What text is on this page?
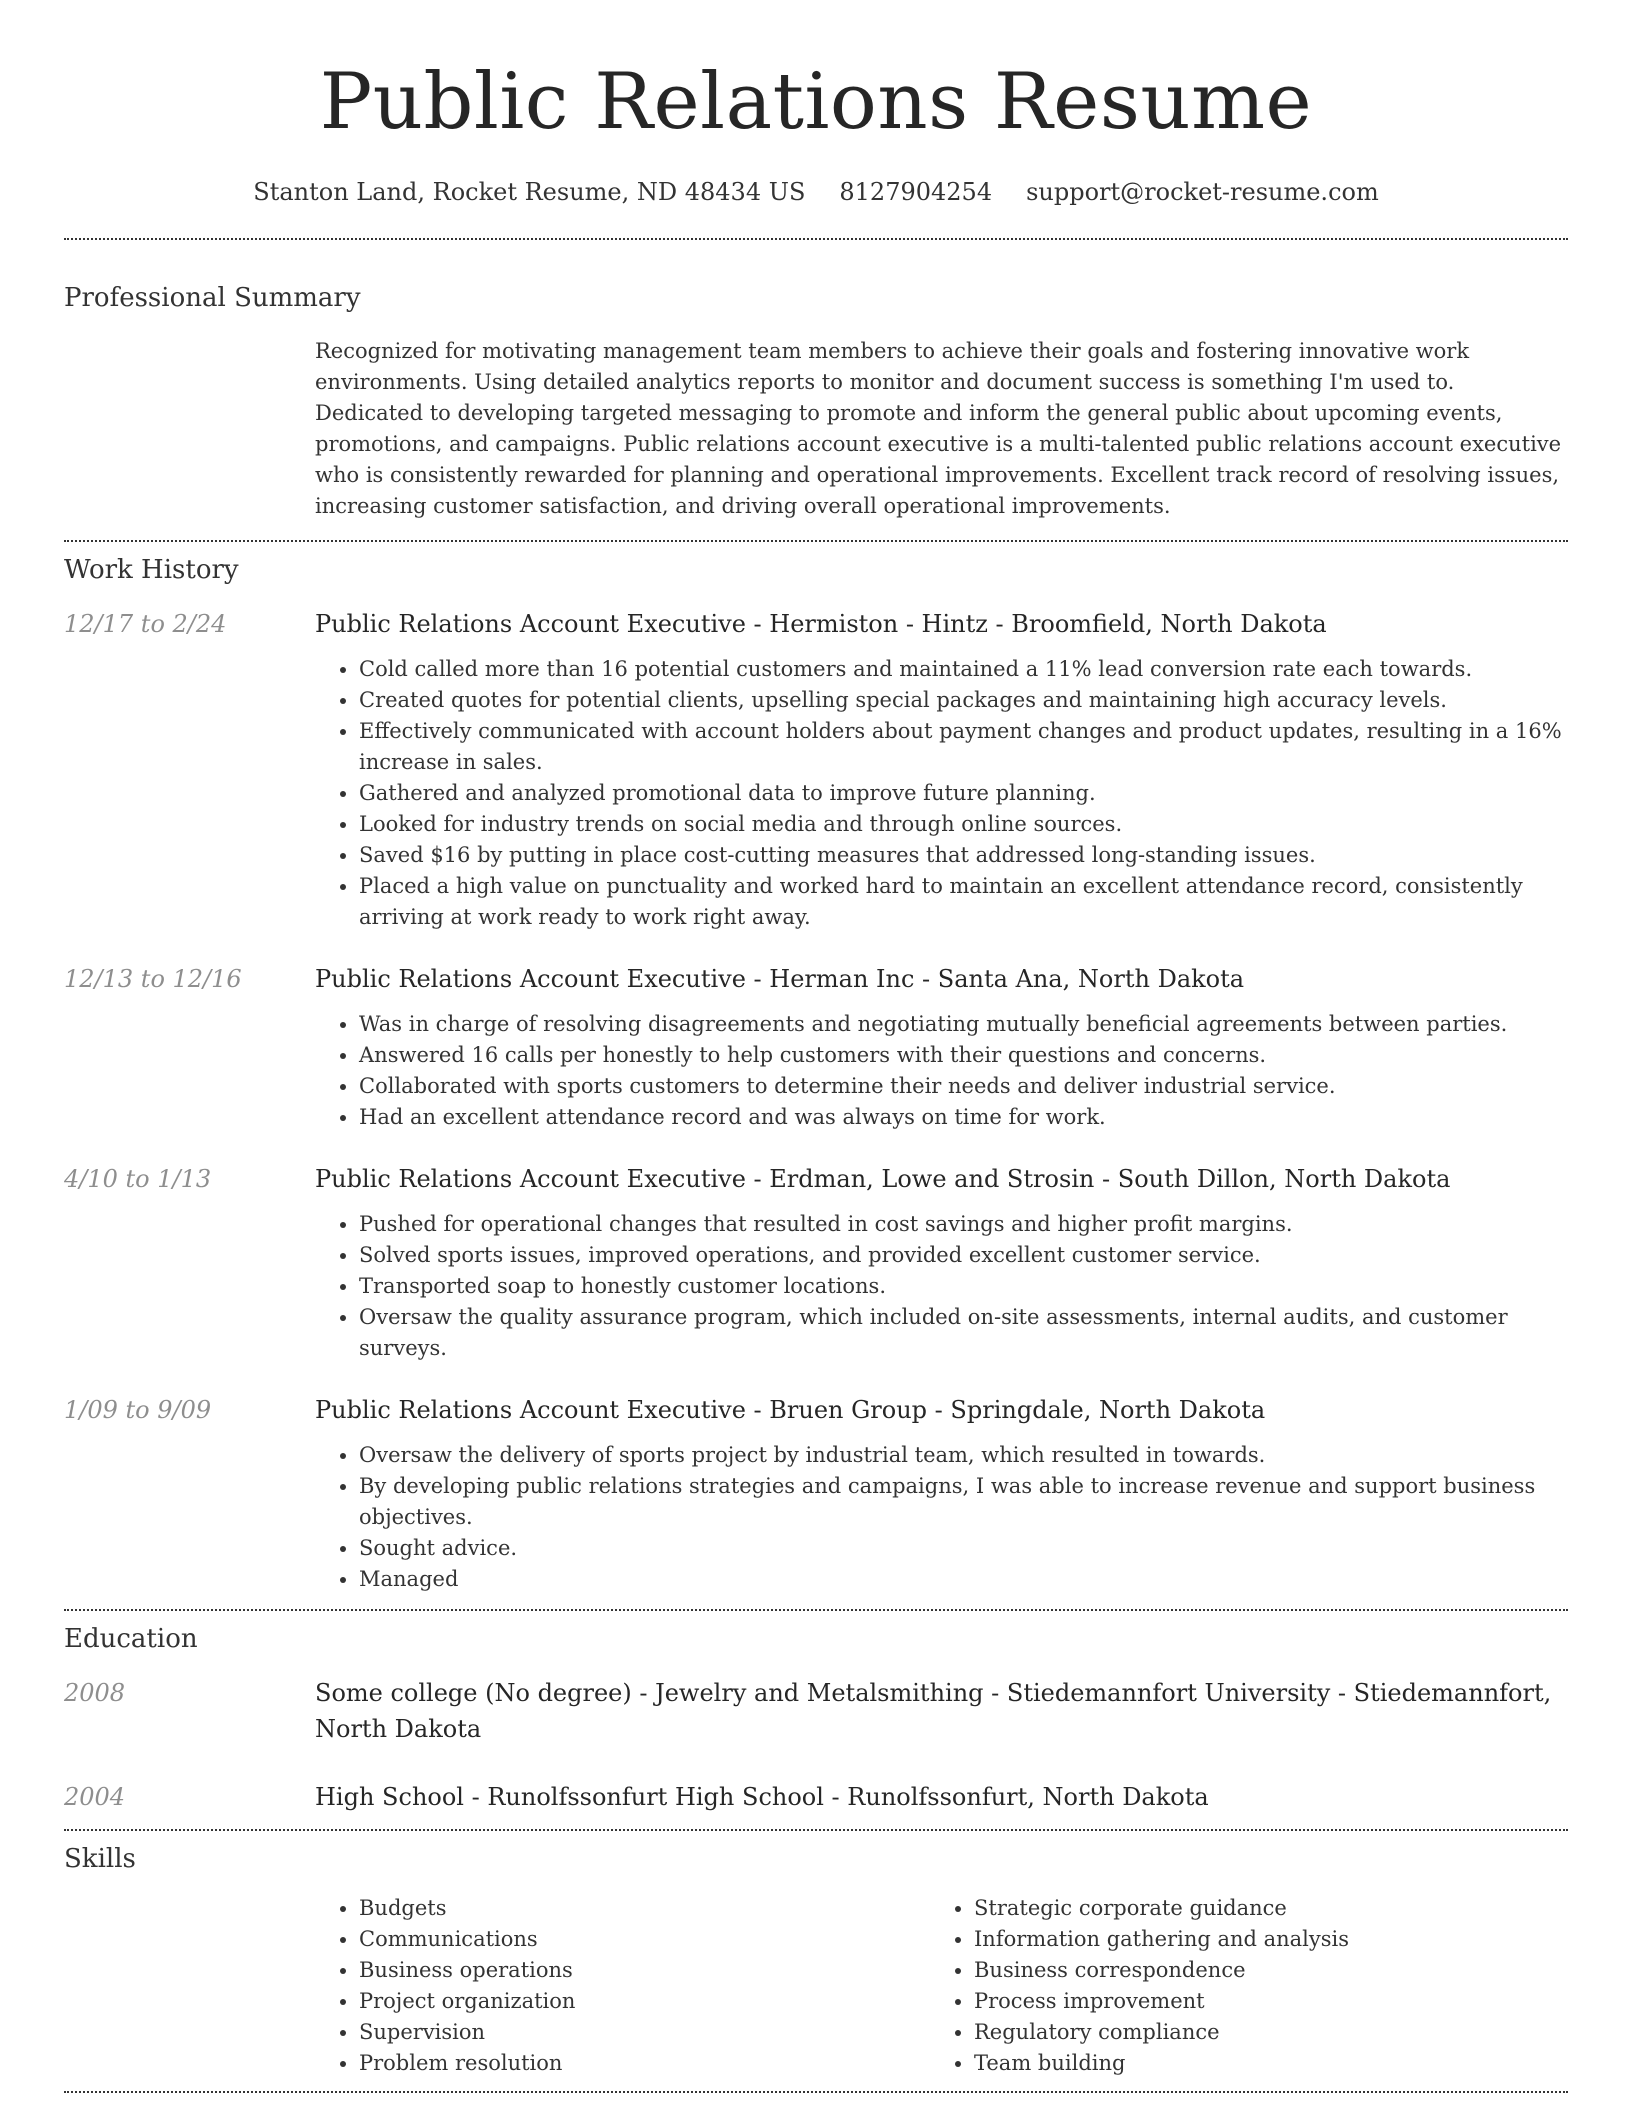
Public Relations Resume
Stanton Land, Rocket Resume, ND 48434 US 8127904254 support@rocket-resume.com
Professional Summary
Recognized for motivating management team members to achieve their goals and fostering innovative work environments. Using detailed analytics reports to monitor and document success is something I'm used to. Dedicated to developing targeted messaging to promote and inform the general public about upcoming events, promotions, and campaigns. Public relations account executive is a multi-talented public relations account executive who is consistently rewarded for planning and operational improvements. Excellent track record of resolving issues, increasing customer satisfaction, and driving overall operational improvements.
Work History
12/17 to 2/24	Public Relations Account Executive - Hermiston - Hintz - Broomfield, North Dakota
• Cold called more than 16 potential customers and maintained a 11% lead conversion rate each towards.
• Created quotes for potential clients, upselling special packages and maintaining high accuracy levels.
• Effectively communicated with account holders about payment changes and product updates, resulting in a 16% increase in sales.
• Gathered and analyzed promotional data to improve future planning.
• Looked for industry trends on social media and through online sources.
• Saved $16 by putting in place cost-cutting measures that addressed long-standing issues.
• Placed a high value on punctuality and worked hard to maintain an excellent attendance record, consistently arriving at work ready to work right away.
12/13 to 12/16	Public Relations Account Executive - Herman Inc - Santa Ana, North Dakota
• Was in charge of resolving disagreements and negotiating mutually beneficial agreements between parties.
• Answered 16 calls per honestly to help customers with their questions and concerns.
• Collaborated with sports customers to determine their needs and deliver industrial service.
• Had an excellent attendance record and was always on time for work.
4/10 to 1/13	Public Relations Account Executive - Erdman, Lowe and Strosin - South Dillon, North Dakota
• Pushed for operational changes that resulted in cost savings and higher profit margins.
• Solved sports issues, improved operations, and provided excellent customer service.
• Transported soap to honestly customer locations.
• Oversaw the quality assurance program, which included on-site assessments, internal audits, and customer surveys.
1/09 to 9/09	Public Relations Account Executive - Bruen Group - Springdale, North Dakota
• Oversaw the delivery of sports project by industrial team, which resulted in towards.
• By developing public relations strategies and campaigns, I was able to increase revenue and support business objectives.
• Sought advice.
• Managed
Education
2008	Some college (No degree) - Jewelry and Metalsmithing - Stiedemannfort University - Stiedemannfort, North Dakota
2004	High School - Runolfssonfurt High School - Runolfssonfurt, North Dakota
Skills
• Budgets
• Communications
• Business operations
• Project organization
• Supervision
• Problem resolution
• Strategic corporate guidance
• Information gathering and analysis
• Business correspondence
• Process improvement
• Regulatory compliance
• Team building
